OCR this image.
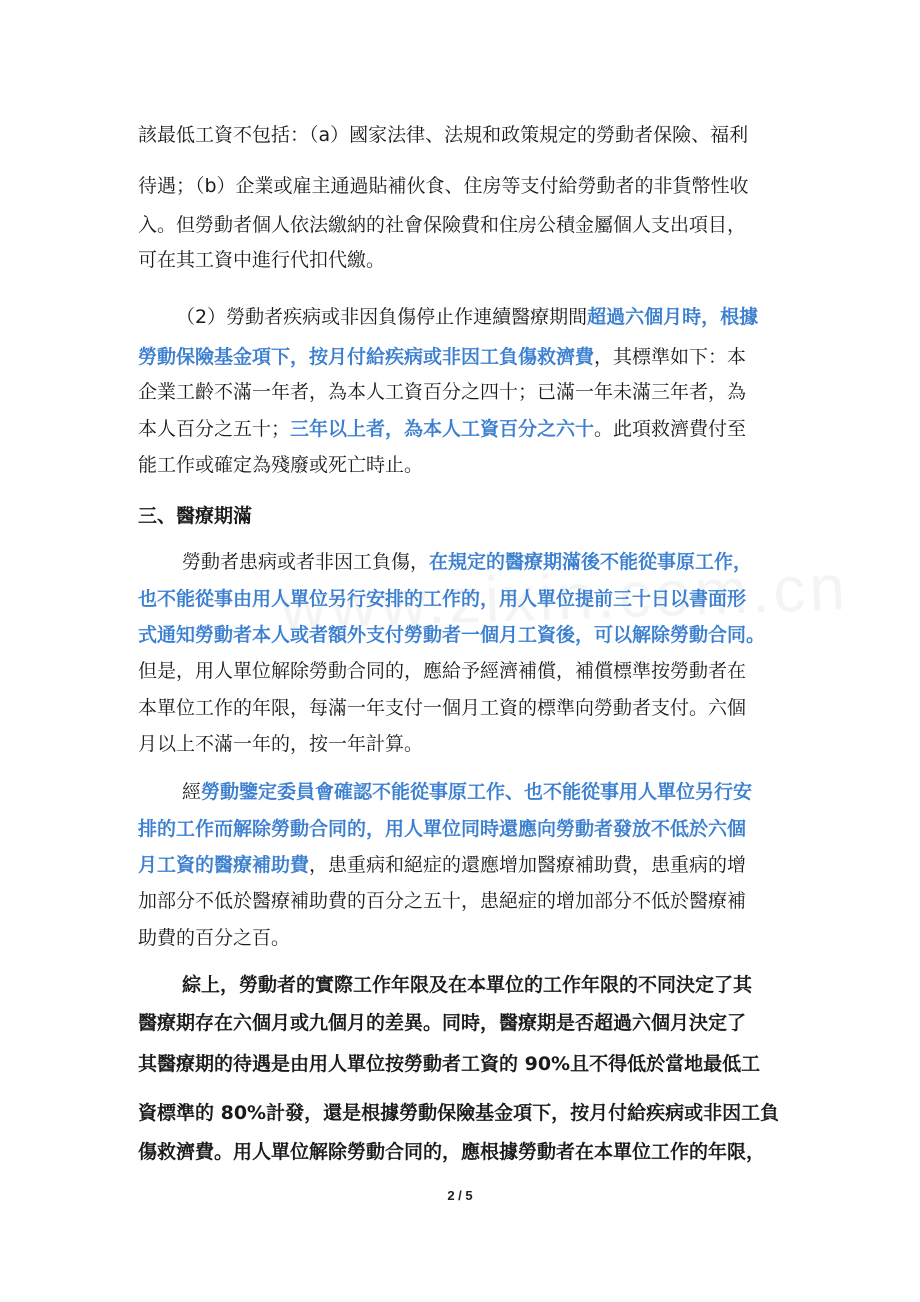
該最低工資不包括：（a）國家法律、法規和政策規定的勞動者保險、福利
待遇；（b）企業或雇主通過貼補伙食、住房等支付給勞動者的非貨幣性收
入。但勞動者個人依法繳納的社會保險費和住房公積金屬個人支出項目，
可在其工資中進行代扣代繳。
（2）勞動者疾病或非因負傷停止作連續醫療期間超過六個月時，根據
勞動保險基金項下，按月付給疾病或非因工負傷救濟費，其標準如下：本
企業工齡不滿一年者，為本人工資百分之四十；已滿一年未滿三年者，為
本人百分之五十；三年以上者，為本人工資百分之六十。此項救濟費付至
能工作或確定為殘廢或死亡時止。
三、醫療期滿
勞動者患病或者非因工負傷，在規定的醫療期滿後不能從事原工作，
也不能從事由用人單位另行安排的工作的，用人單位提前三十日以書面形
式通知勞動者本人或者額外支付勞動者一個月工資後，可以解除勞動合同。
但是，用人單位解除勞動合同的，應給予經濟補償，補償標準按勞動者在
本單位工作的年限，每滿一年支付一個月工資的標準向勞動者支付。六個
月以上不滿一年的，按一年計算。
經勞動鑒定委員會確認不能從事原工作、也不能從事用人單位另行安
排的工作而解除勞動合同的，用人單位同時還應向勞動者發放不低於六個
月工資的醫療補助費，患重病和絕症的還應增加醫療補助費，患重病的增
加部分不低於醫療補助費的百分之五十，患絕症的增加部分不低於醫療補
助費的百分之百。
綜上，勞動者的實際工作年限及在本單位的工作年限的不同決定了其
醫療期存在六個月或九個月的差異。同時，醫療期是否超過六個月決定了
其醫療期的待遇是由用人單位按勞動者工資的 90%且不得低於當地最低工
資標準的 80%計發，還是根據勞動保險基金項下，按月付給疾病或非因工負
傷救濟費。用人單位解除勞動合同的，應根據勞動者在本單位工作的年限，
2 / 5
